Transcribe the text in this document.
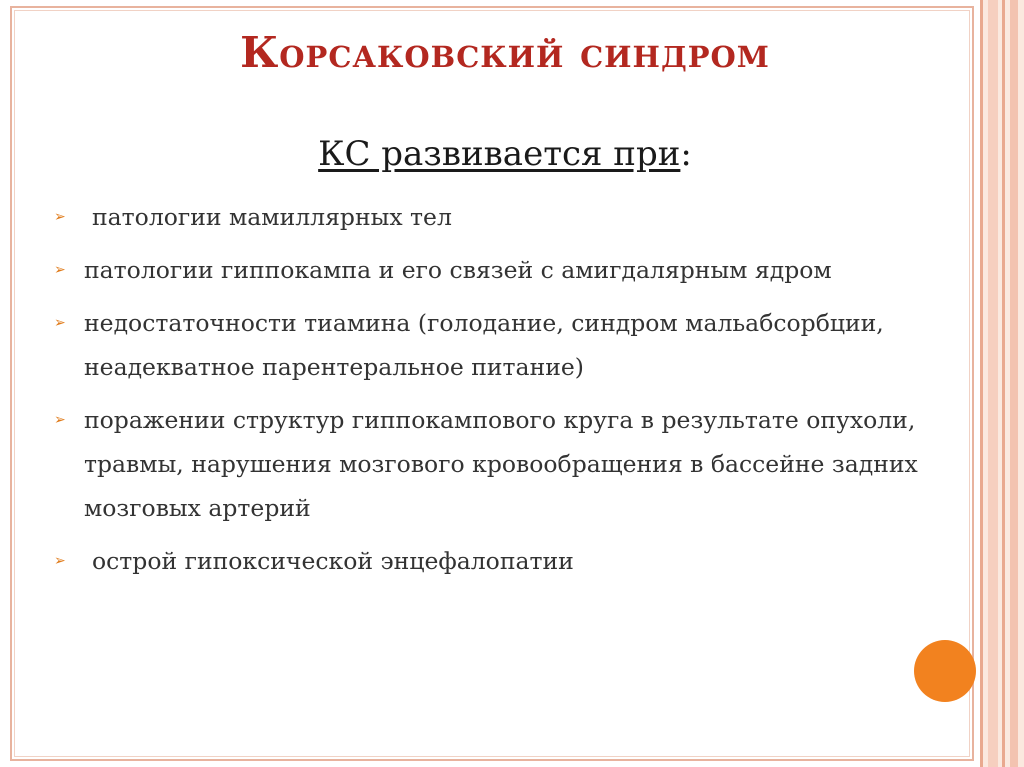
Корсаковский синдром

КС развивается при:

➢ патологии мамиллярных тел
➢ патологии гиппокампа и его связей с амигдалярным ядром
➢ недостаточности тиамина (голодание, синдром мальабсорбции, неадекватное парентеральное питание)
➢ поражении структур гиппокампового круга в результате опухоли, травмы, нарушения мозгового кровообращения в бассейне задних мозговых артерий
➢ острой гипоксической энцефалопатии
